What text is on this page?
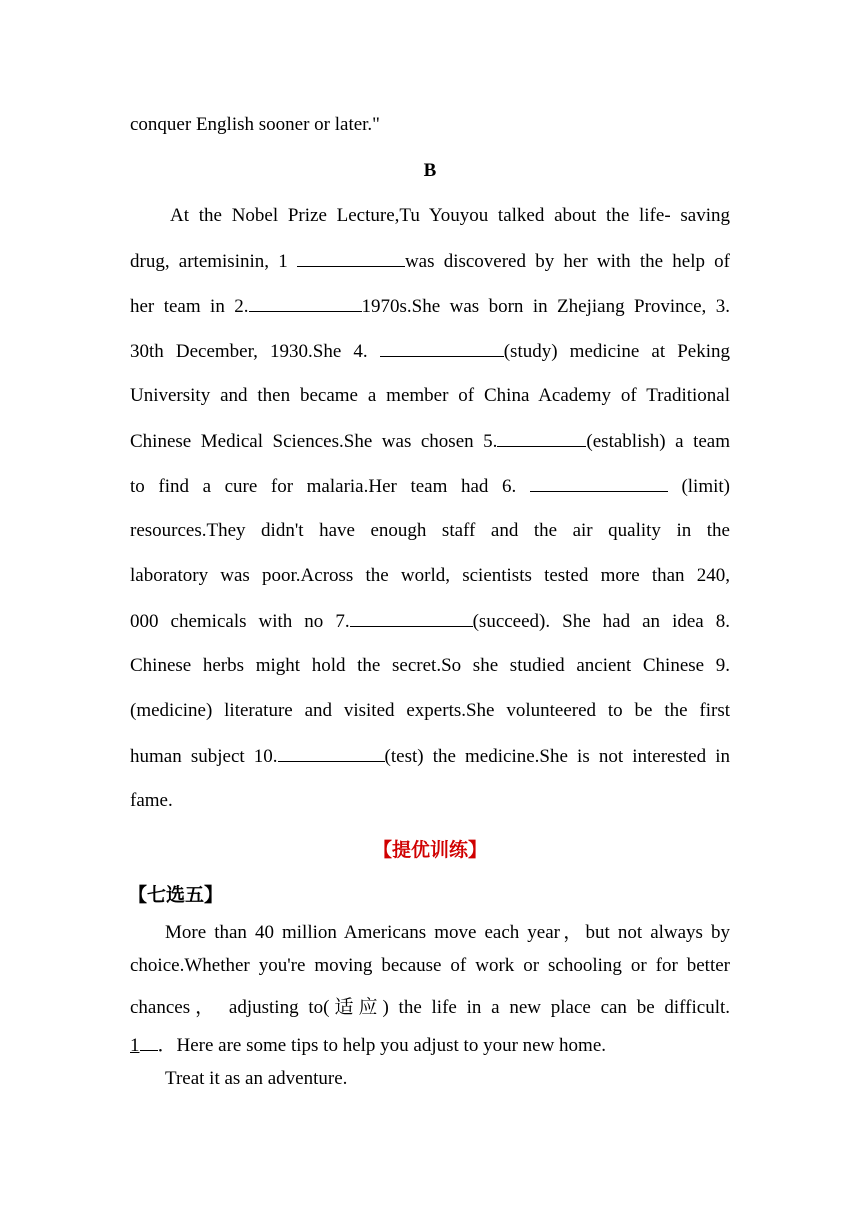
conquer English sooner or later."
B
At the Nobel Prize Lecture,Tu Youyou talked about the life- saving
drug, artemisinin, 1	was discovered by her with the help of
her team in 2.	1970s.She was born in Zhejiang Province, 3.
30th December, 1930.She 4.	(study) medicine at Peking
University and then became a member of China Academy of Traditional
Chinese Medical Sciences.She was chosen 5.	(establish) a team
to find a cure for malaria.Her team had 6.	(limit)
resources.They didn't have enough staff and the air quality in the
laboratory was poor.Across the world, scientists tested more than 240,
000 chemicals with no 7.	(succeed). She had an idea 8.
Chinese herbs might hold the secret.So she studied ancient Chinese 9.
(medicine) literature and visited experts.She volunteered to be the first
human subject 10.	(test) the medicine.She is not interested in
fame.
【提优训练】
【七选五】
More than 40 million Americans move each year，but not always by
choice.Whether you're moving because of work or schooling or for better
chances， adjusting to(适应) the life in a new place can be difficult.
1 ．Here are some tips to help you adjust to your new home.
Treat it as an adventure.
